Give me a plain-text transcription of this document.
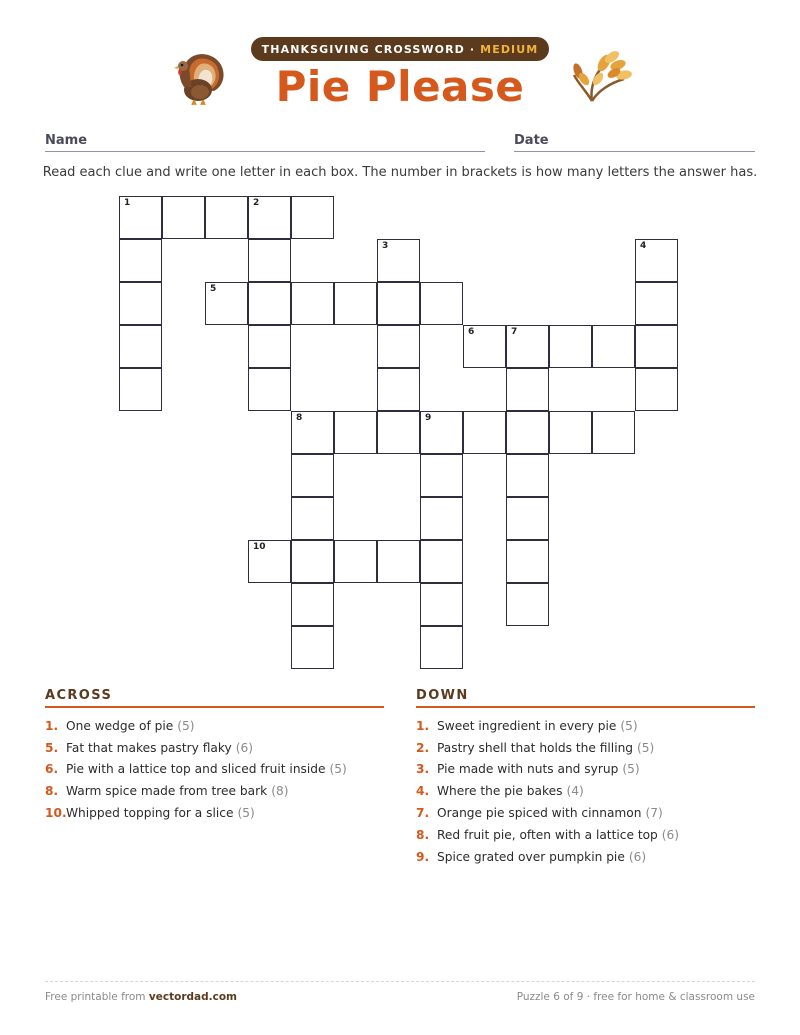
THANKSGIVING CROSSWORD · MEDIUM
Pie Please
Name	Date
Read each clue and write one letter in each box. The number in brackets is how many letters the answer has.
1	2
3	4
5
6	7
8	9
10
ACROSS
1. One wedge of pie (5)
5. Fat that makes pastry flaky (6)
6. Pie with a lattice top and sliced fruit inside (5)
8. Warm spice made from tree bark (8)
10. Whipped topping for a slice (5)
DOWN
1. Sweet ingredient in every pie (5)
2. Pastry shell that holds the filling (5)
3. Pie made with nuts and syrup (5)
4. Where the pie bakes (4)
7. Orange pie spiced with cinnamon (7)
8. Red fruit pie, often with a lattice top (6)
9. Spice grated over pumpkin pie (6)
Free printable from vectordad.com	Puzzle 6 of 9 · free for home & classroom use
